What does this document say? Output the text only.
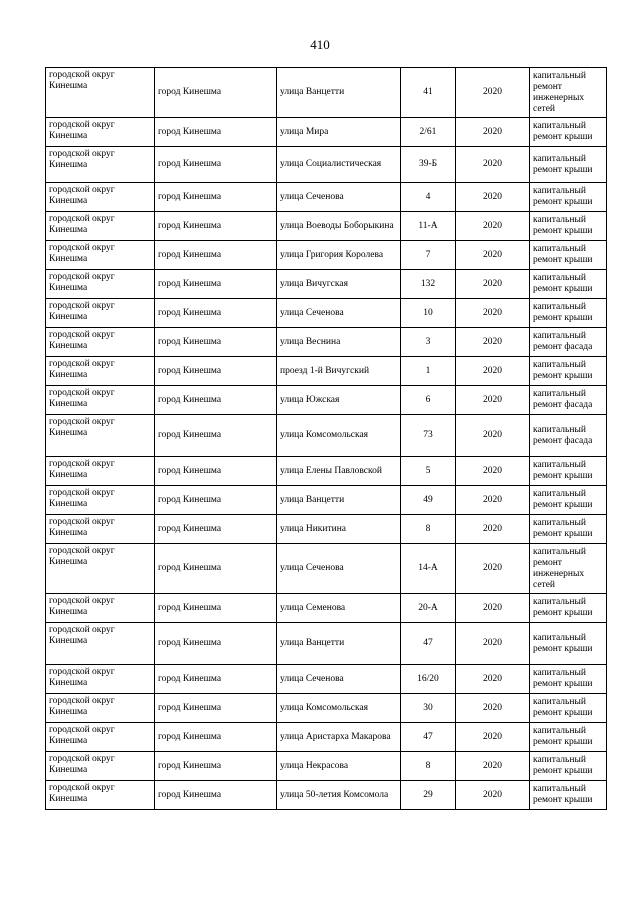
410
городской округ Кинешма	город Кинешма	улица Ванцетти	41	2020	капитальный ремонт инженерных сетей
городской округ Кинешма	город Кинешма	улица Мира	2/61	2020	капитальный ремонт крыши
городской округ Кинешма	город Кинешма	улица Социалистическая	39-Б	2020	капитальный ремонт крыши
городской округ Кинешма	город Кинешма	улица Сеченова	4	2020	капитальный ремонт крыши
городской округ Кинешма	город Кинешма	улица Воеводы Боборыкина	11-А	2020	капитальный ремонт крыши
городской округ Кинешма	город Кинешма	улица Григория Королева	7	2020	капитальный ремонт крыши
городской округ Кинешма	город Кинешма	улица Вичугская	132	2020	капитальный ремонт крыши
городской округ Кинешма	город Кинешма	улица Сеченова	10	2020	капитальный ремонт крыши
городской округ Кинешма	город Кинешма	улица Веснина	3	2020	капитальный ремонт фасада
городской округ Кинешма	город Кинешма	проезд 1-й Вичугский	1	2020	капитальный ремонт крыши
городской округ Кинешма	город Кинешма	улица Южская	6	2020	капитальный ремонт фасада
городской округ Кинешма	город Кинешма	улица Комсомольская	73	2020	капитальный ремонт фасада
городской округ Кинешма	город Кинешма	улица Елены Павловской	5	2020	капитальный ремонт крыши
городской округ Кинешма	город Кинешма	улица Ванцетти	49	2020	капитальный ремонт крыши
городской округ Кинешма	город Кинешма	улица Никитина	8	2020	капитальный ремонт крыши
городской округ Кинешма	город Кинешма	улица Сеченова	14-А	2020	капитальный ремонт инженерных сетей
городской округ Кинешма	город Кинешма	улица Семенова	20-А	2020	капитальный ремонт крыши
городской округ Кинешма	город Кинешма	улица Ванцетти	47	2020	капитальный ремонт крыши
городской округ Кинешма	город Кинешма	улица Сеченова	16/20	2020	капитальный ремонт крыши
городской округ Кинешма	город Кинешма	улица Комсомольская	30	2020	капитальный ремонт крыши
городской округ Кинешма	город Кинешма	улица Аристарха Макарова	47	2020	капитальный ремонт крыши
городской округ Кинешма	город Кинешма	улица Некрасова	8	2020	капитальный ремонт крыши
городской округ Кинешма	город Кинешма	улица 50-летия Комсомола	29	2020	капитальный ремонт крыши
